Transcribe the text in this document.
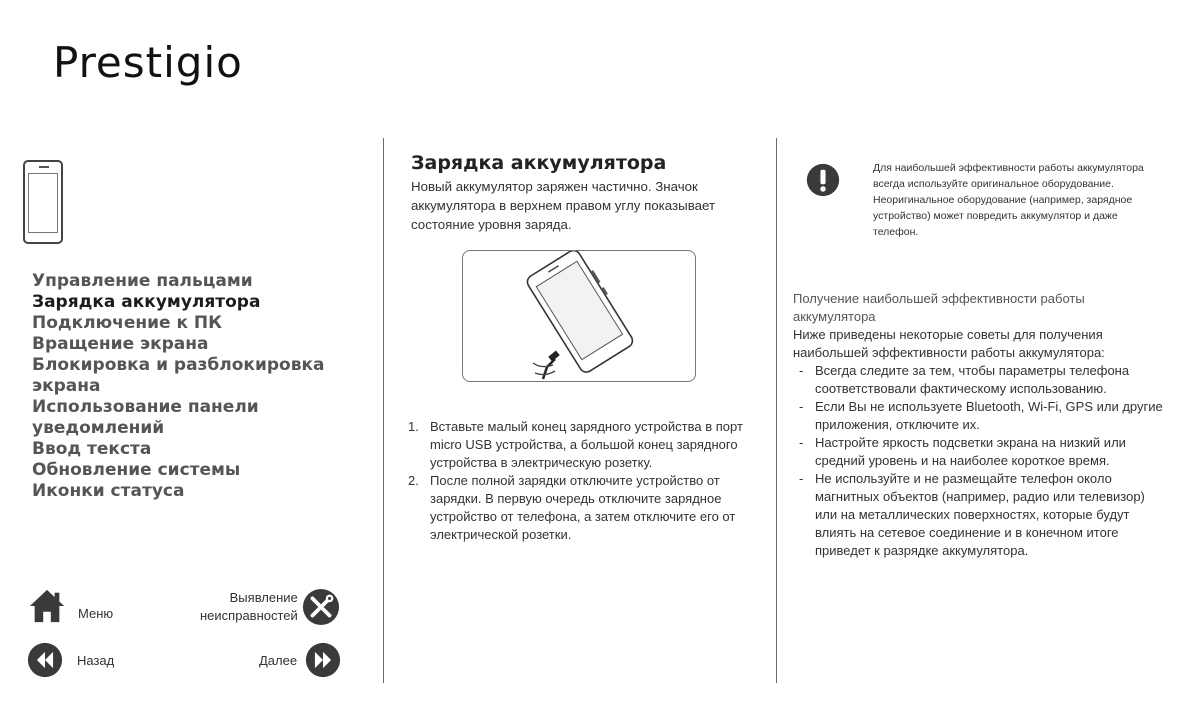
Prestigio
Управление пальцами
Зарядка аккумулятора
Подключение к ПК
Вращение экрана
Блокировка и разблокировка экрана
Использование панели уведомлений
Ввод текста
Обновление системы
Иконки статуса
Меню
Выявление
неисправностей
Назад	Далее
Зарядка аккумулятора
Новый аккумулятор заряжен частично. Значок аккумулятора в верхнем правом углу показывает состояние уровня заряда.
1. Вставьте малый конец зарядного устройства в порт micro USB устройства, а большой конец зарядного устройства в электрическую розетку.
2. После полной зарядки отключите устройство от зарядки. В первую очередь отключите зарядное устройство от телефона, а затем отключите его от электрической розетки.
Для наибольшей эффективности работы аккумулятора всегда используйте оригинальное оборудование. Неоригинальное оборудование (например, зарядное устройство) может повредить аккумулятор и даже телефон.
Получение наибольшей эффективности работы аккумулятора
Ниже приведены некоторые советы для получения наибольшей эффективности работы аккумулятора:
- Всегда следите за тем, чтобы параметры телефона соответствовали фактическому использованию.
- Если Вы не используете Bluetooth, Wi-Fi, GPS или другие приложения, отключите их.
- Настройте яркость подсветки экрана на низкий или средний уровень и на наиболее короткое время.
- Не используйте и не размещайте телефон около магнитных объектов (например, радио или телевизор) или на металлических поверхностях, которые будут влиять на сетевое соединение и в конечном итоге приведет к разрядке аккумулятора.
